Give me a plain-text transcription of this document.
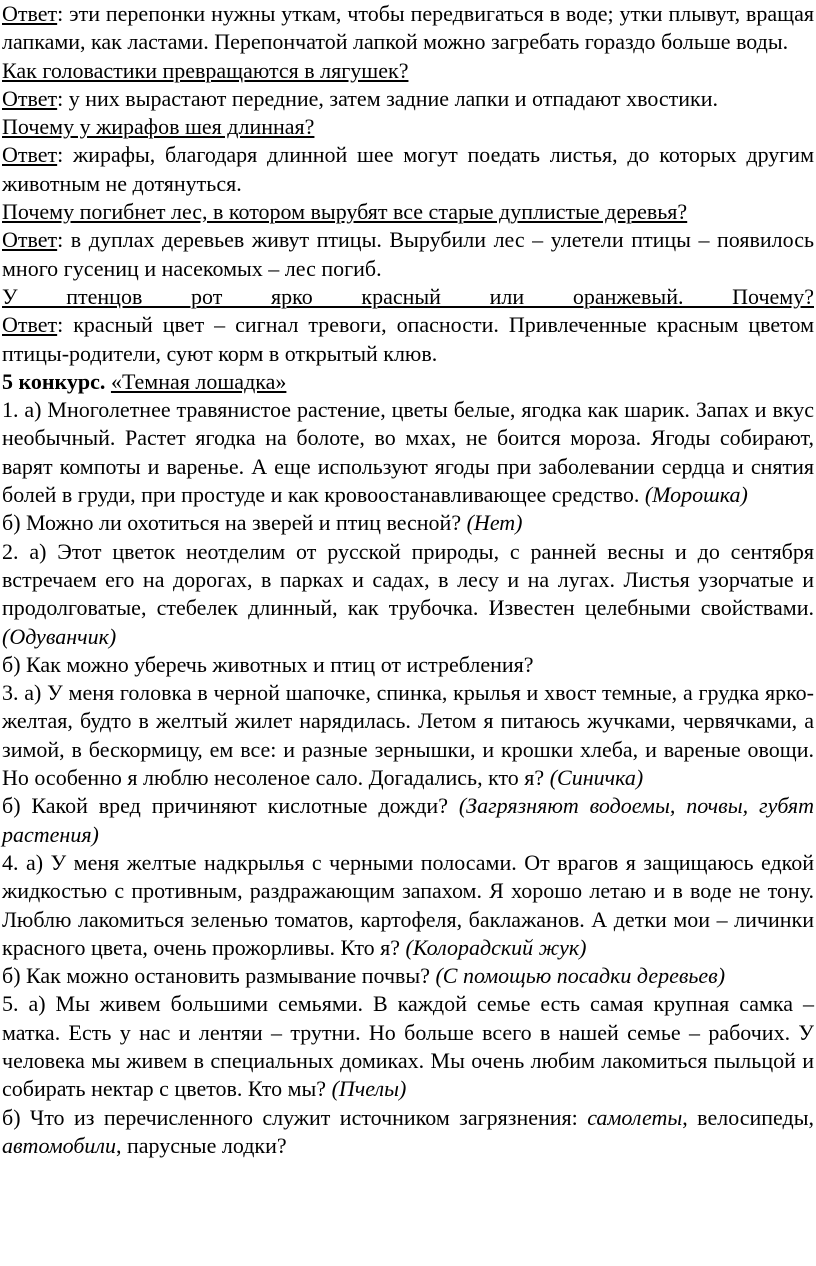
Ответ: эти перепонки нужны уткам, чтобы передвигаться в воде; утки плывут, вращая лапками, как ластами. Перепончатой лапкой можно загребать гораздо больше воды.

Как головастики превращаются в лягушек?

Ответ: у них вырастают передние, затем задние лапки и отпадают хвостики.

Почему у жирафов шея длинная?

Ответ: жирафы, благодаря длинной шее могут поедать листья, до которых другим животным не дотянуться.

Почему погибнет лес, в котором вырубят все старые дуплистые деревья?

Ответ: в дуплах деревьев живут птицы. Вырубили лес – улетели птицы – появилось много гусениц и насекомых – лес погиб.

У птенцов рот ярко красный или оранжевый. Почему?

Ответ: красный цвет – сигнал тревоги, опасности. Привлеченные красным цветом птицы-родители, суют корм в открытый клюв.

5 конкурс. «Темная лошадка»

1. а) Многолетнее травянистое растение, цветы белые, ягодка как шарик. Запах и вкус необычный. Растет ягодка на болоте, во мхах, не боится мороза. Ягоды собирают, варят компоты и варенье. А еще используют ягоды при заболевании сердца и снятия болей в груди, при простуде и как кровоостанавливающее средство. (Морошка)

б) Можно ли охотиться на зверей и птиц весной? (Нет)

2. а) Этот цветок неотделим от русской природы, с ранней весны и до сентября встречаем его на дорогах, в парках и садах, в лесу и на лугах. Листья узорчатые и продолговатые, стебелек длинный, как трубочка. Известен целебными свойствами. (Одуванчик)

б) Как можно уберечь животных и птиц от истребления?

3. а) У меня головка в черной шапочке, спинка, крылья и хвост темные, а грудка ярко-желтая, будто в желтый жилет нарядилась. Летом я питаюсь жучками, червячками, а зимой, в бескормицу, ем все: и разные зернышки, и крошки хлеба, и вареные овощи. Но особенно я люблю несоленое сало. Догадались, кто я? (Синичка)

б) Какой вред причиняют кислотные дожди? (Загрязняют водоемы, почвы, губят растения)

4. а) У меня желтые надкрылья с черными полосами. От врагов я защищаюсь едкой жидкостью с противным, раздражающим запахом. Я хорошо летаю и в воде не тону. Люблю лакомиться зеленью томатов, картофеля, баклажанов. А детки мои – личинки красного цвета, очень прожорливы. Кто я? (Колорадский жук)

б) Как можно остановить размывание почвы? (С помощью посадки деревьев)

5. а) Мы живем большими семьями. В каждой семье есть самая крупная самка – матка. Есть у нас и лентяи – трутни. Но больше всего в нашей семье – рабочих. У человека мы живем в специальных домиках. Мы очень любим лакомиться пыльцой и собирать нектар с цветов. Кто мы? (Пчелы)

б) Что из перечисленного служит источником загрязнения: самолеты, велосипеды, автомобили, парусные лодки?
